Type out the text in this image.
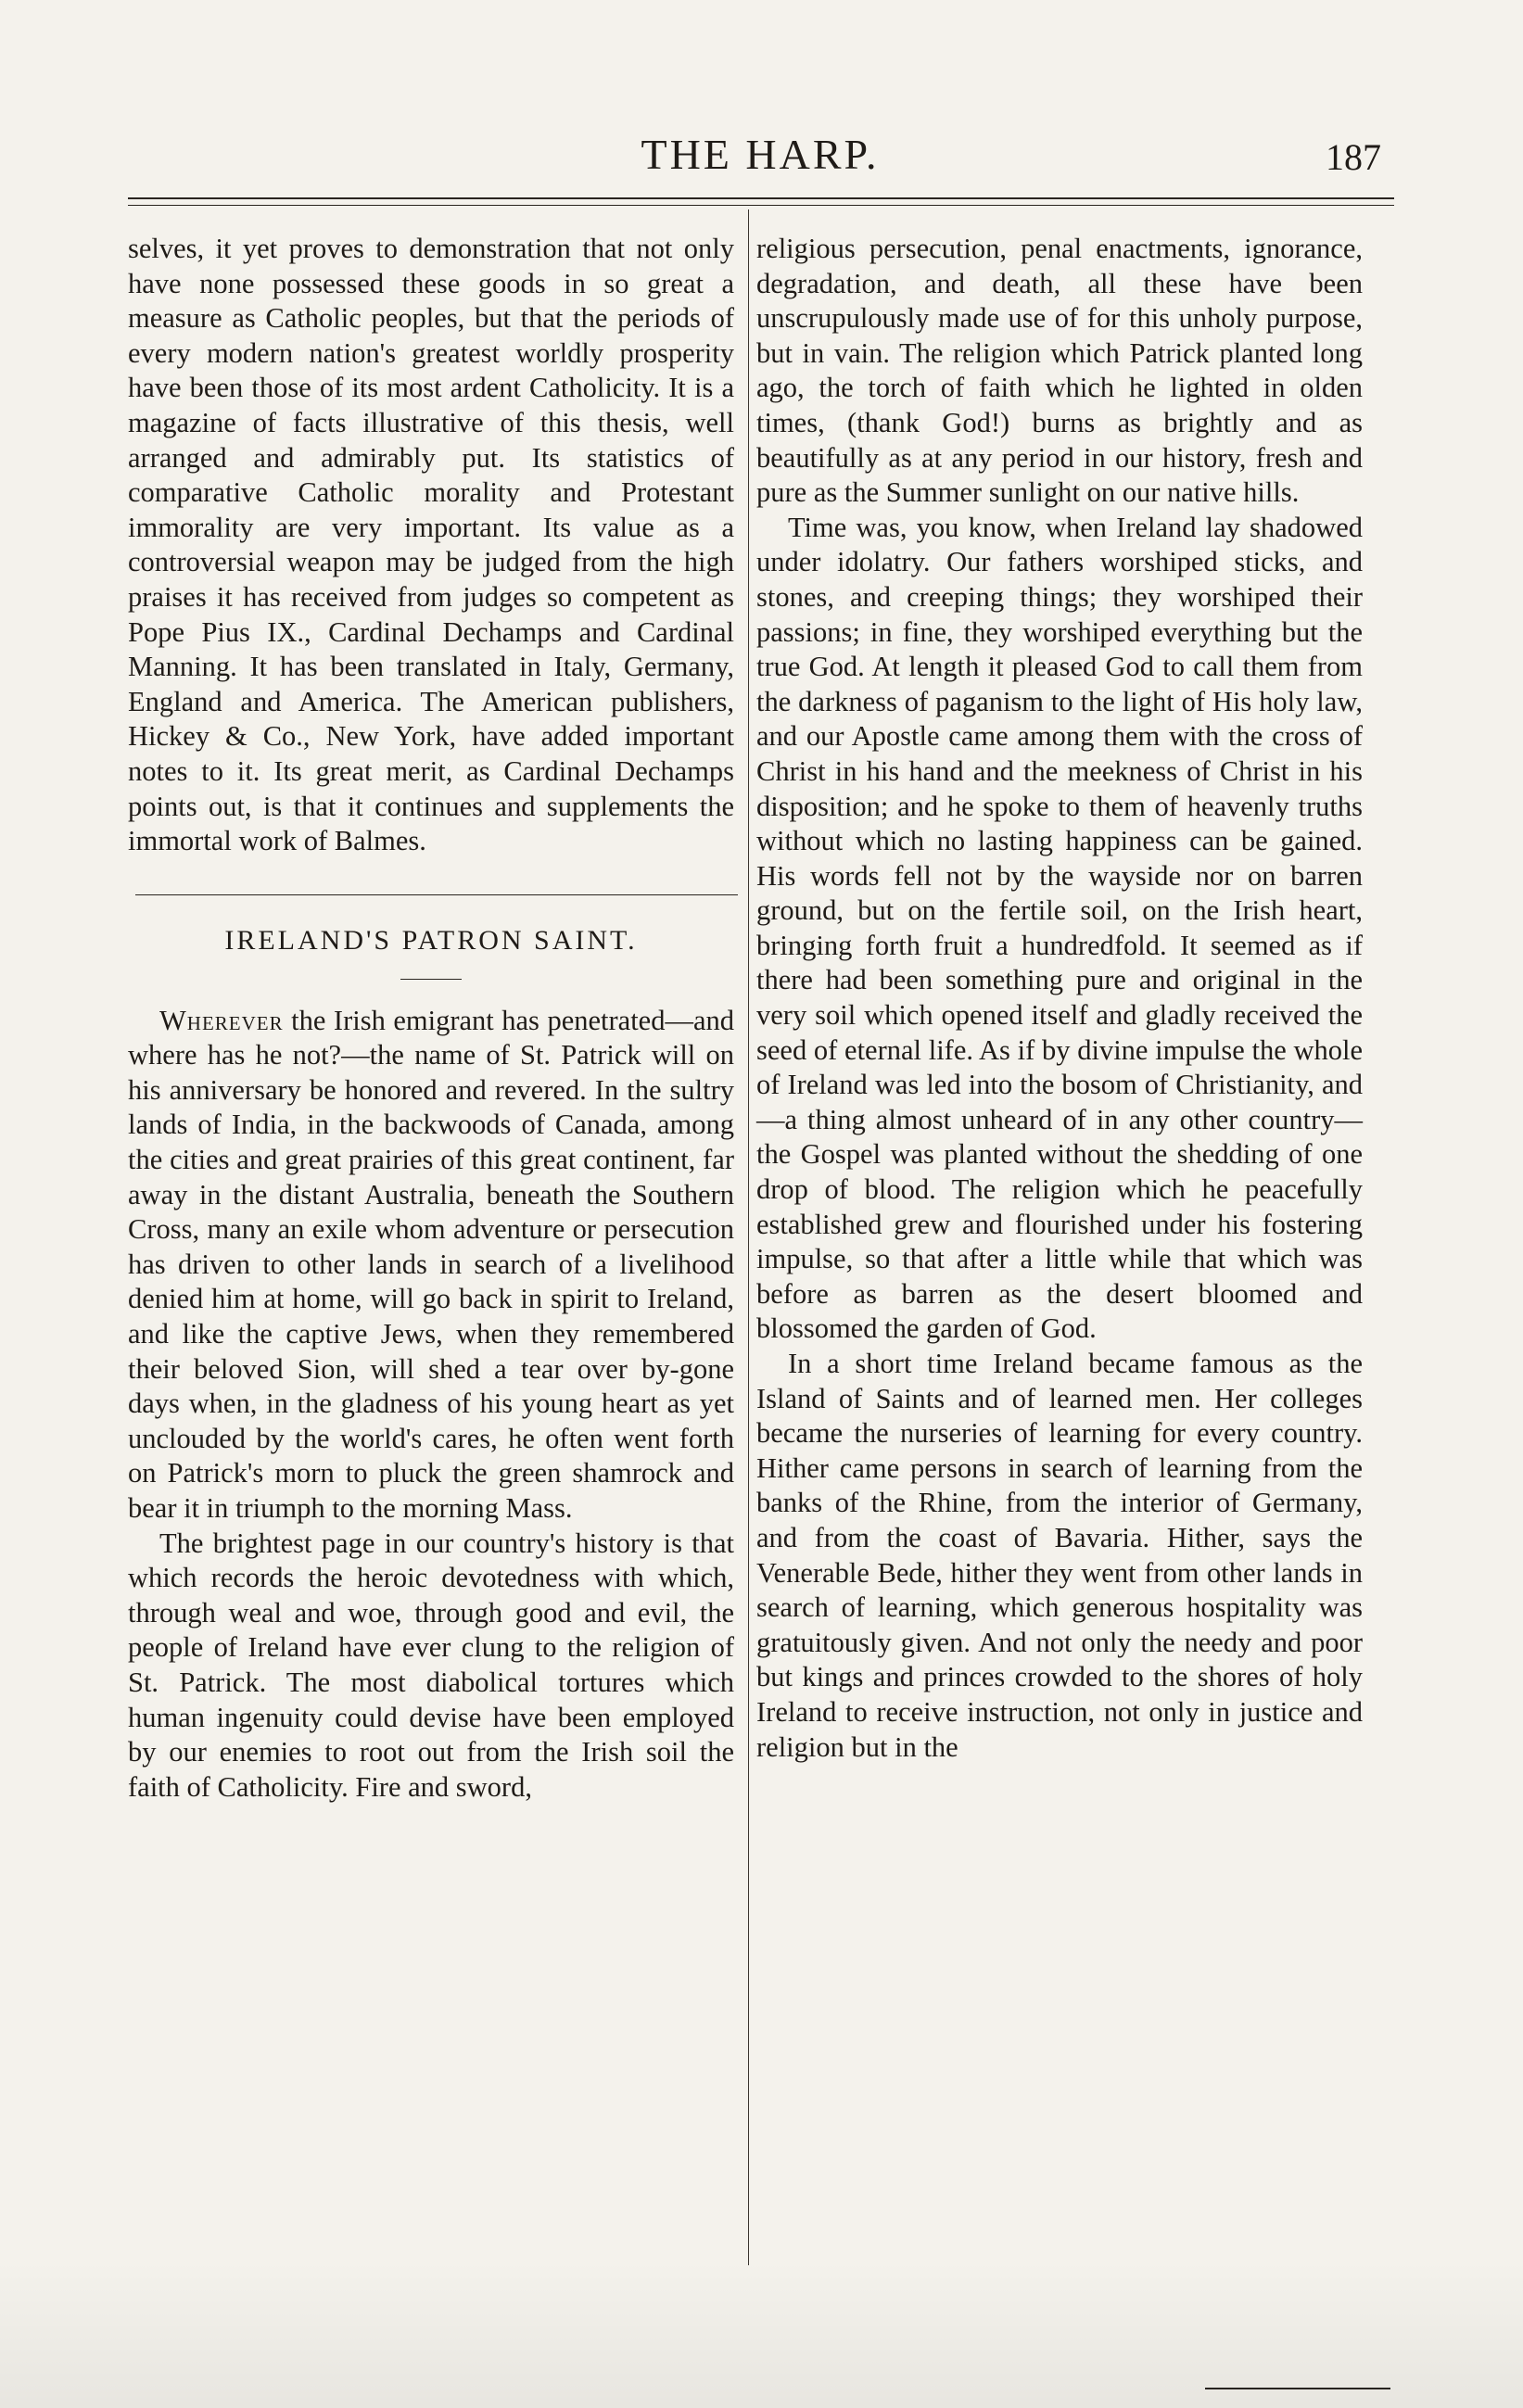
THE HARP.	187

selves, it yet proves to demonstration that not only have none possessed these goods in so great a measure as Catholic peoples, but that the periods of every modern nation's greatest worldly prosperity have been those of its most ardent Catholicity. It is a magazine of facts illustrative of this thesis, well arranged and admirably put. Its statistics of comparative Catholic morality and Protestant immorality are very important. Its value as a controversial weapon may be judged from the high praises it has received from judges so competent as Pope Pius IX., Cardinal Dechamps and Cardinal Manning. It has been translated in Italy, Germany, England and America. The American publishers, Hickey & Co., New York, have added important notes to it. Its great merit, as Cardinal Dechamps points out, is that it continues and supplements the immortal work of Balmes.

IRELAND'S PATRON SAINT.

Wherever the Irish emigrant has penetrated—and where has he not?—the name of St. Patrick will on his anniversary be honored and revered. In the sultry lands of India, in the backwoods of Canada, among the cities and great prairies of this great continent, far away in the distant Australia, beneath the Southern Cross, many an exile whom adventure or persecution has driven to other lands in search of a livelihood denied him at home, will go back in spirit to Ireland, and like the captive Jews, when they remembered their beloved Sion, will shed a tear over by-gone days when, in the gladness of his young heart as yet unclouded by the world's cares, he often went forth on Patrick's morn to pluck the green shamrock and bear it in triumph to the morning Mass.

The brightest page in our country's history is that which records the heroic devotedness with which, through weal and woe, through good and evil, the people of Ireland have ever clung to the religion of St. Patrick. The most diabolical tortures which human ingenuity could devise have been employed by our enemies to root out from the Irish soil the faith of Catholicity. Fire and sword,

religious persecution, penal enactments, ignorance, degradation, and death, all these have been unscrupulously made use of for this unholy purpose, but in vain. The religion which Patrick planted long ago, the torch of faith which he lighted in olden times, (thank God!) burns as brightly and as beautifully as at any period in our history, fresh and pure as the Summer sunlight on our native hills.

Time was, you know, when Ireland lay shadowed under idolatry. Our fathers worshiped sticks, and stones, and creeping things; they worshiped their passions; in fine, they worshiped everything but the true God. At length it pleased God to call them from the darkness of paganism to the light of His holy law, and our Apostle came among them with the cross of Christ in his hand and the meekness of Christ in his disposition; and he spoke to them of heavenly truths without which no lasting happiness can be gained. His words fell not by the wayside nor on barren ground, but on the fertile soil, on the Irish heart, bringing forth fruit a hundredfold. It seemed as if there had been something pure and original in the very soil which opened itself and gladly received the seed of eternal life. As if by divine impulse the whole of Ireland was led into the bosom of Christianity, and—a thing almost unheard of in any other country—the Gospel was planted without the shedding of one drop of blood. The religion which he peacefully established grew and flourished under his fostering impulse, so that after a little while that which was before as barren as the desert bloomed and blossomed the garden of God.

In a short time Ireland became famous as the Island of Saints and of learned men. Her colleges became the nurseries of learning for every country. Hither came persons in search of learning from the banks of the Rhine, from the interior of Germany, and from the coast of Bavaria. Hither, says the Venerable Bede, hither they went from other lands in search of learning, which generous hospitality was gratuitously given. And not only the needy and poor but kings and princes crowded to the shores of holy Ireland to receive instruction, not only in justice and religion but in the
